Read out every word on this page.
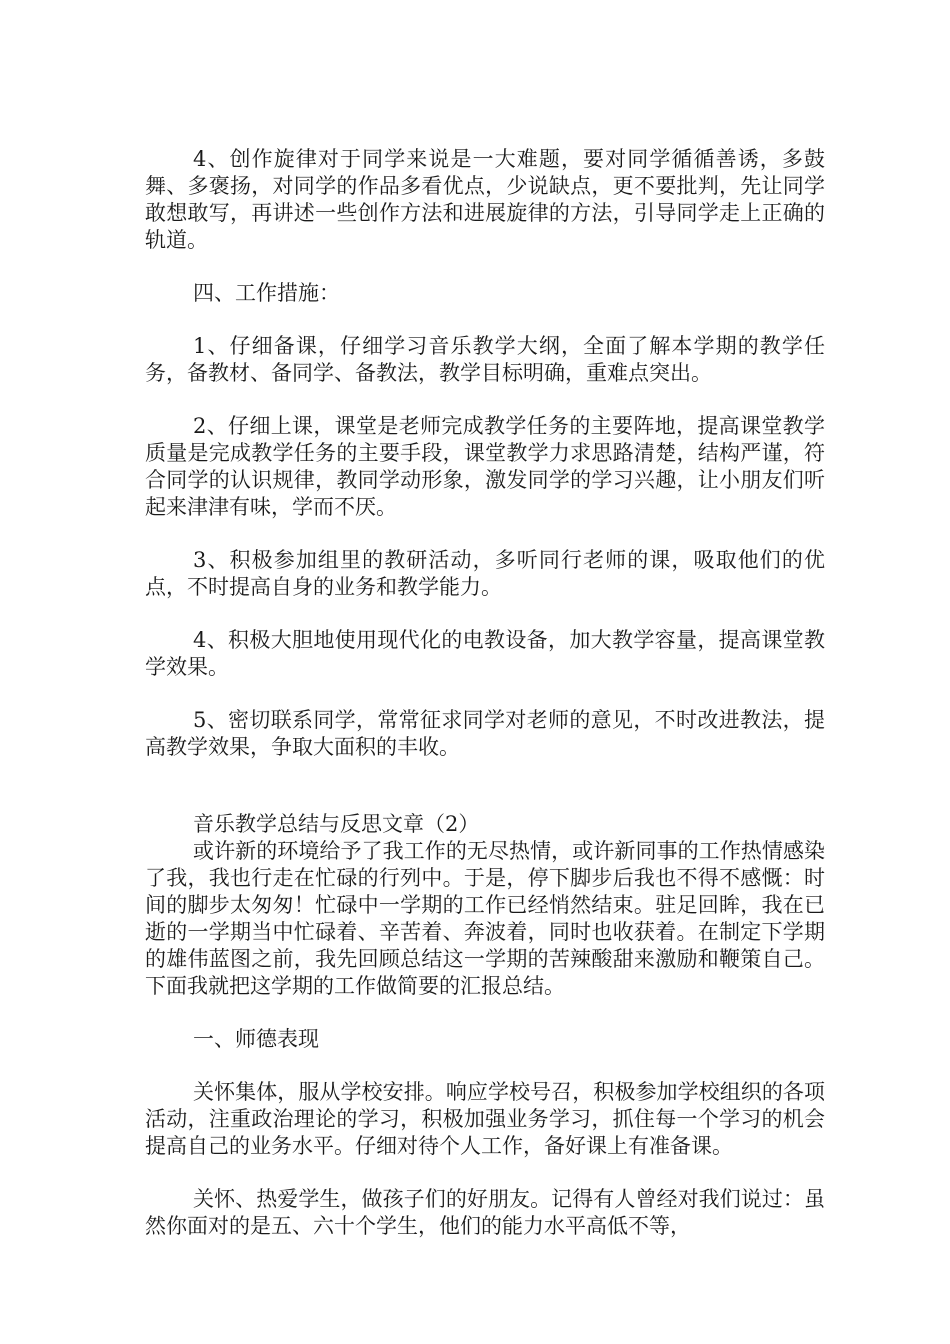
4、创作旋律对于同学来说是一大难题，要对同学循循善诱，多鼓舞、多褒扬，对同学的作品多看优点，少说缺点，更不要批判，先让同学敢想敢写，再讲述一些创作方法和进展旋律的方法，引导同学走上正确的轨道。

四、工作措施：

1、仔细备课，仔细学习音乐教学大纲，全面了解本学期的教学任务，备教材、备同学、备教法，教学目标明确，重难点突出。

2、仔细上课，课堂是老师完成教学任务的主要阵地，提高课堂教学质量是完成教学任务的主要手段，课堂教学力求思路清楚，结构严谨，符合同学的认识规律，教同学动形象，激发同学的学习兴趣，让小朋友们听起来津津有味，学而不厌。

3、积极参加组里的教研活动，多听同行老师的课，吸取他们的优点，不时提高自身的业务和教学能力。

4、积极大胆地使用现代化的电教设备，加大教学容量，提高课堂教学效果。

5、密切联系同学，常常征求同学对老师的意见，不时改进教法，提高教学效果，争取大面积的丰收。

音乐教学总结与反思文章（2）

或许新的环境给予了我工作的无尽热情，或许新同事的工作热情感染了我，我也行走在忙碌的行列中。于是，停下脚步后我也不得不感慨：时间的脚步太匆匆！忙碌中一学期的工作已经悄然结束。驻足回眸，我在已逝的一学期当中忙碌着、辛苦着、奔波着，同时也收获着。在制定下学期的雄伟蓝图之前，我先回顾总结这一学期的苦辣酸甜来激励和鞭策自己。下面我就把这学期的工作做简要的汇报总结。

一、师德表现

关怀集体，服从学校安排。响应学校号召，积极参加学校组织的各项活动，注重政治理论的学习，积极加强业务学习，抓住每一个学习的机会提高自己的业务水平。仔细对待个人工作，备好课上有准备课。

关怀、热爱学生，做孩子们的好朋友。记得有人曾经对我们说过：虽然你面对的是五、六十个学生，他们的能力水平高低不等，
